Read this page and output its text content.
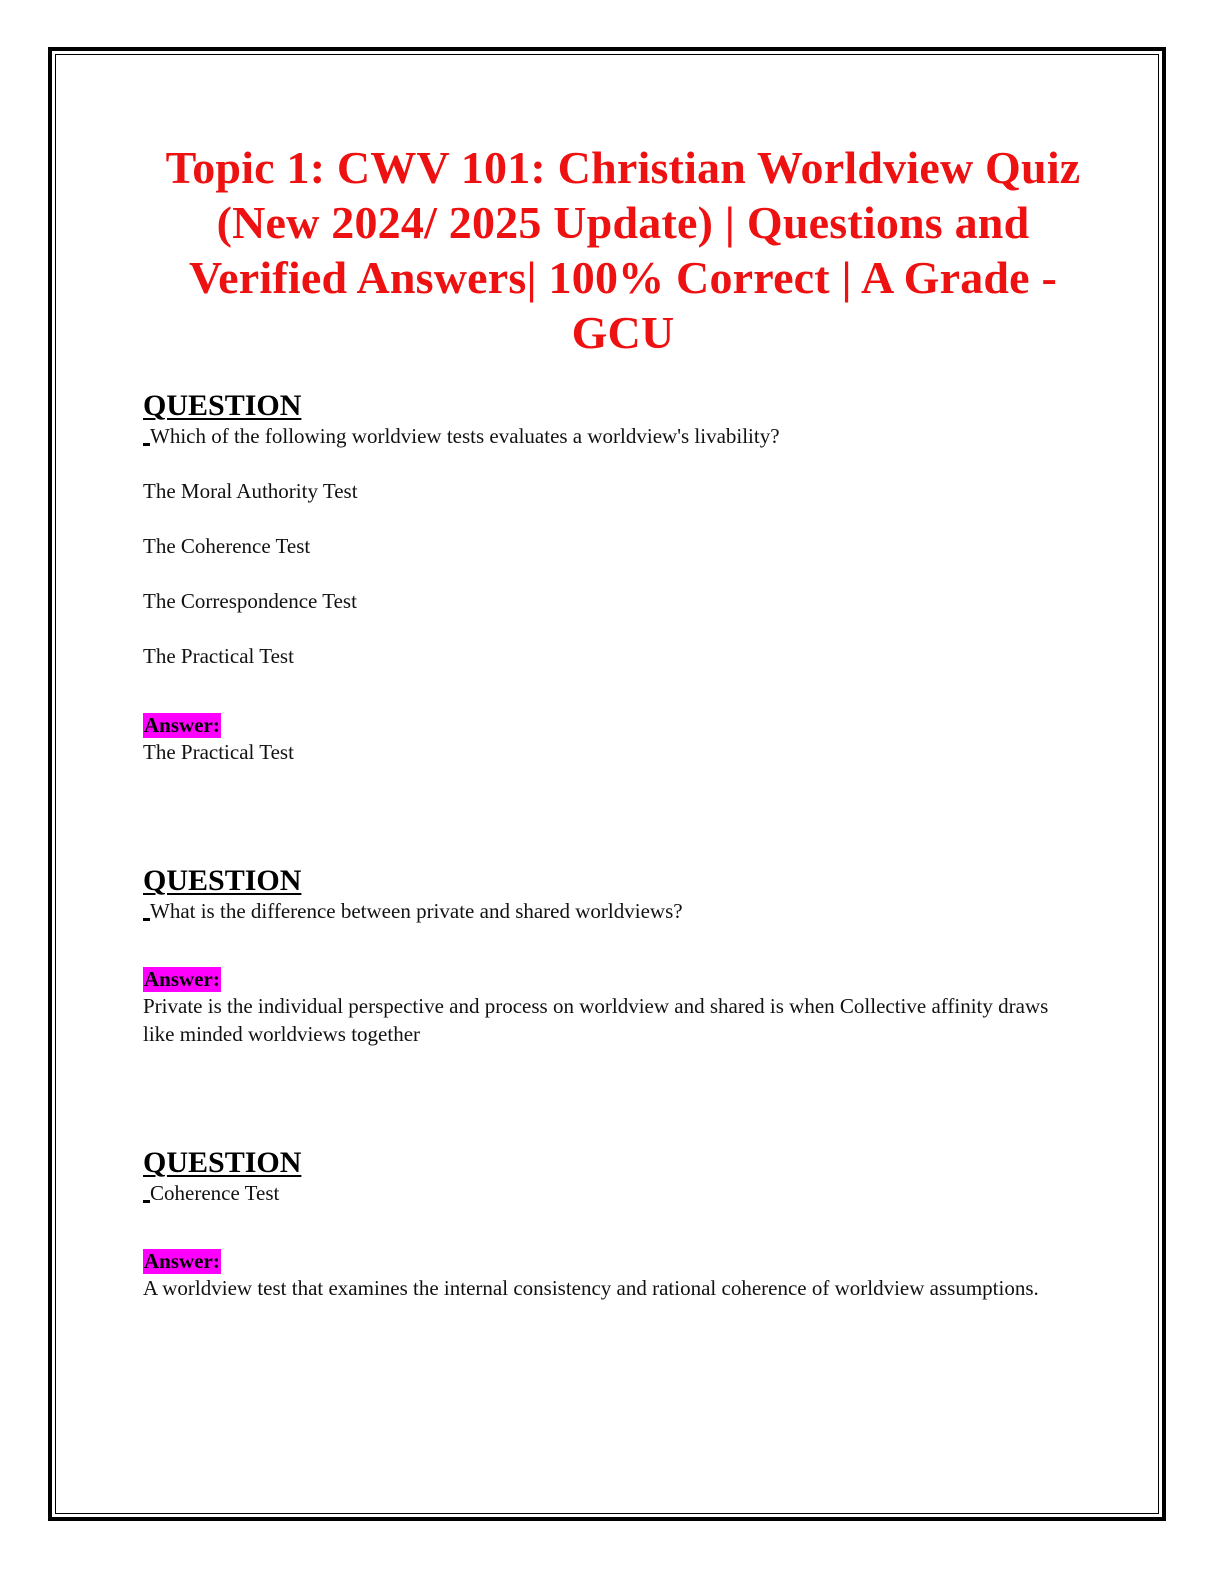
Topic 1: CWV 101: Christian Worldview Quiz (New 2024/ 2025 Update) | Questions and Verified Answers| 100% Correct | A Grade -GCU
QUESTION
Which of the following worldview tests evaluates a worldview's livability?
The Moral Authority Test
The Coherence Test
The Correspondence Test
The Practical Test
Answer:
The Practical Test
QUESTION
What is the difference between private and shared worldviews?
Answer:
Private is the individual perspective and process on worldview and shared is when Collective affinity draws like minded worldviews together
QUESTION
Coherence Test
Answer:
A worldview test that examines the internal consistency and rational coherence of worldview assumptions.
